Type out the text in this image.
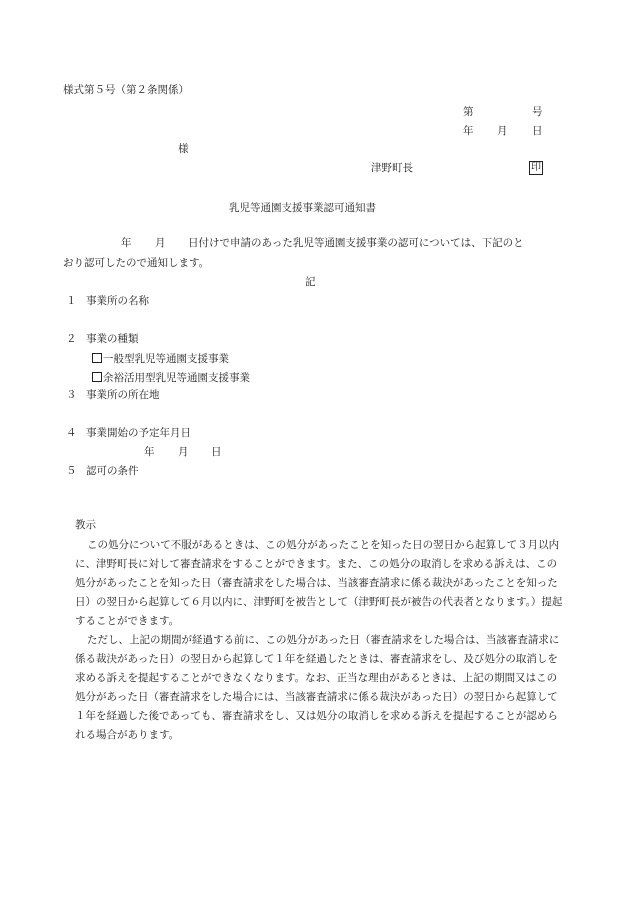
様式第５号（第２条関係）
第	号
年 月 日
様
津野町長	印
乳児等通園支援事業認可通知書
年 月 日付けで申請のあった乳児等通園支援事業の認可については、下記のと
おり認可したので通知します。
記
１ 事業所の名称
２ 事業の種類
一般型乳児等通園支援事業
余裕活用型乳児等通園支援事業
３ 事業所の所在地
４ 事業開始の予定年月日
年 月 日
５ 認可の条件
教示
この処分について不服があるときは、この処分があったことを知った日の翌日から起算して３月以内
に、津野町長に対して審査請求をすることができます。また、この処分の取消しを求める訴えは、この
処分があったことを知った日（審査請求をした場合は、当該審査請求に係る裁決があったことを知った
日）の翌日から起算して６月以内に、津野町を被告として（津野町長が被告の代表者となります。）提起
することができます。
ただし、上記の期間が経過する前に、この処分があった日（審査請求をした場合は、当該審査請求に
係る裁決があった日）の翌日から起算して１年を経過したときは、審査請求をし、及び処分の取消しを
求める訴えを提起することができなくなります。なお、正当な理由があるときは、上記の期間又はこの
処分があった日（審査請求をした場合には、当該審査請求に係る裁決があった日）の翌日から起算して
１年を経過した後であっても、審査請求をし、又は処分の取消しを求める訴えを提起することが認めら
れる場合があります。
